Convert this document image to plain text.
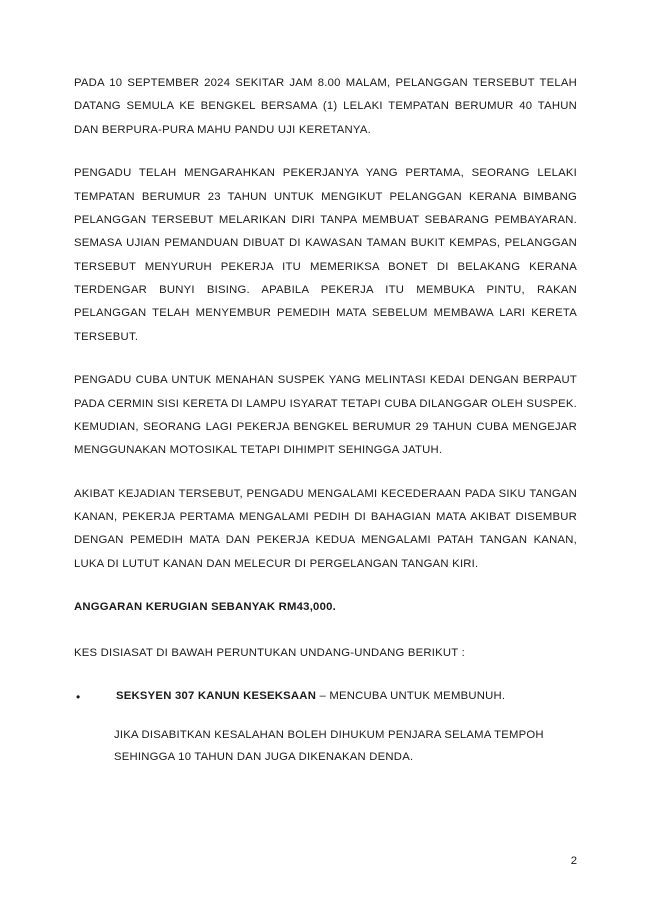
PADA 10 SEPTEMBER 2024 SEKITAR JAM 8.00 MALAM, PELANGGAN TERSEBUT TELAH DATANG SEMULA KE BENGKEL BERSAMA (1) LELAKI TEMPATAN BERUMUR 40 TAHUN DAN BERPURA-PURA MAHU PANDU UJI KERETANYA.

PENGADU TELAH MENGARAHKAN PEKERJANYA YANG PERTAMA, SEORANG LELAKI TEMPATAN BERUMUR 23 TAHUN UNTUK MENGIKUT PELANGGAN KERANA BIMBANG PELANGGAN TERSEBUT MELARIKAN DIRI TANPA MEMBUAT SEBARANG PEMBAYARAN. SEMASA UJIAN PEMANDUAN DIBUAT DI KAWASAN TAMAN BUKIT KEMPAS, PELANGGAN TERSEBUT MENYURUH PEKERJA ITU MEMERIKSA BONET DI BELAKANG KERANA TERDENGAR BUNYI BISING. APABILA PEKERJA ITU MEMBUKA PINTU, RAKAN PELANGGAN TELAH MENYEMBUR PEMEDIH MATA SEBELUM MEMBAWA LARI KERETA TERSEBUT.

PENGADU CUBA UNTUK MENAHAN SUSPEK YANG MELINTASI KEDAI DENGAN BERPAUT PADA CERMIN SISI KERETA DI LAMPU ISYARAT TETAPI CUBA DILANGGAR OLEH SUSPEK. KEMUDIAN, SEORANG LAGI PEKERJA BENGKEL BERUMUR 29 TAHUN CUBA MENGEJAR MENGGUNAKAN MOTOSIKAL TETAPI DIHIMPIT SEHINGGA JATUH.

AKIBAT KEJADIAN TERSEBUT, PENGADU MENGALAMI KECEDERAAN PADA SIKU TANGAN KANAN, PEKERJA PERTAMA MENGALAMI PEDIH DI BAHAGIAN MATA AKIBAT DISEMBUR DENGAN PEMEDIH MATA DAN PEKERJA KEDUA MENGALAMI PATAH TANGAN KANAN, LUKA DI LUTUT KANAN DAN MELECUR DI PERGELANGAN TANGAN KIRI.

ANGGARAN KERUGIAN SEBANYAK RM43,000.

KES DISIASAT DI BAWAH PERUNTUKAN UNDANG-UNDANG BERIKUT :

•	SEKSYEN 307 KANUN KESEKSAAN – MENCUBA UNTUK MEMBUNUH.
JIKA DISABITKAN KESALAHAN BOLEH DIHUKUM PENJARA SELAMA TEMPOH SEHINGGA 10 TAHUN DAN JUGA DIKENAKAN DENDA.
2
